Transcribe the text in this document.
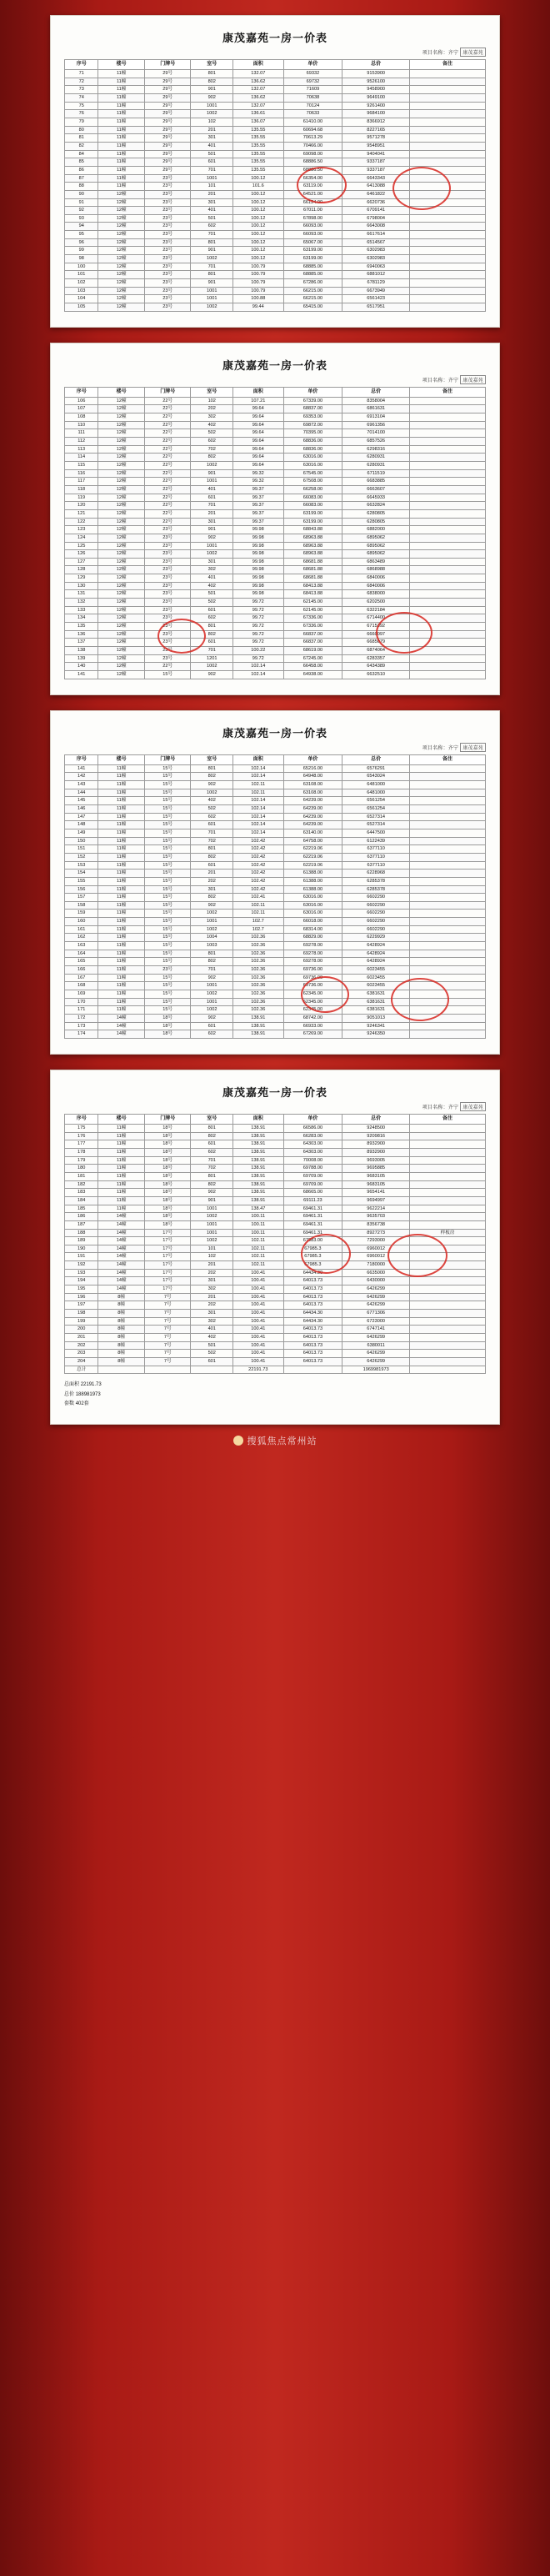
康茂嘉苑一房一价表
项目名称：齐宁 康茂嘉苑
序号	楼号	门牌号	室号	面积	单价	总价	备注
71	11幢	29号	801	132.07	69332	9153900	
72	11幢	29号	802	136.62	69732	9526100	
73	11幢	29号	901	132.07	71609	9458900	
74	11幢	29号	902	136.62	70638	9649100	
75	11幢	29号	1001	132.07	70124	9261400	
76	11幢	29号	1002	136.61	70633	9684100	
79	11幢	29号	102	136.07	61410.00	8366912	
80	11幢	29号	201	135.55	60694.68	8227165	
81	11幢	29号	301	135.55	70613.29	9571278	
82	11幢	29号	401	135.55	70466.00	9548951	
84	11幢	29号	501	135.55	69098.00	9404041	
85	11幢	29号	601	135.55	68886.50	9337187	
86	11幢	29号	701	135.55	68886.50	9337187	
87	11幢	23号	1001	100.12	66354.00	6643343	
88	11幢	23号	101	101.6	63119.00	6413088	
90	12幢	23号	201	100.12	64521.00	6461822	
91	12幢	23号	301	100.12	66124.00	6620736	
92	12幢	23号	401	100.12	67011.00	6709141	
93	12幢	23号	501	100.12	67898.00	6798004	
94	12幢	23号	602	100.12	66093.00	6643008	
95	12幢	23号	701	100.12	66093.00	6617614	
96	12幢	23号	801	100.12	65067.00	6514567	
99	12幢	23号	901	100.12	63199.00	6302983	
98	12幢	23号	1002	100.12	63199.00	6302983	
100	12幢	23号	701	100.79	68885.00	6940063	
101	12幢	23号	801	100.79	68885.00	6881012	
102	12幢	23号	901	100.79	67286.00	6781129	
103	12幢	23号	1001	100.79	66215.00	6673949	
104	12幢	23号	1001	100.88	66215.00	6561423	
105	12幢	23号	1002	99.44	65415.00	6517951	
康茂嘉苑一房一价表
项目名称：齐宁 康茂嘉苑
序号	楼号	门牌号	室号	面积	单价	总价	备注
106	12幢	22号	102	107.21	67339.00	8358004	
107	12幢	22号	202	99.64	68837.00	6861631	
108	12幢	22号	302	99.64	69353.00	6913104	
110	12幢	22号	402	99.64	69872.00	6961356	
111	12幢	22号	502	99.64	70395.00	7014100	
112	12幢	22号	602	99.64	68836.00	6857526	
113	12幢	22号	702	99.64	68836.00	6298316	
114	12幢	22号	802	99.64	63016.00	6280931	
115	12幢	22号	1002	99.64	63016.00	6280931	
116	12幢	22号	901	99.32	67545.00	6711519	
117	12幢	22号	1001	99.32	67508.00	6683885	
118	12幢	22号	401	99.37	66258.00	6663607	
119	12幢	22号	601	99.37	66083.00	6645933	
120	12幢	22号	701	99.37	66083.00	6632824	
121	12幢	22号	201	99.37	63199.00	6280805	
122	12幢	22号	301	99.37	63199.00	6280805	
123	12幢	23号	901	99.98	68843.88	6882000	
124	12幢	23号	902	99.98	68963.88	6895062	
125	12幢	23号	1001	99.98	68963.88	6895062	
126	12幢	23号	1002	99.98	68963.88	6895062	
127	12幢	23号	301	99.98	68681.88	6863489	
128	12幢	23号	302	99.98	68681.88	6868988	
129	12幢	23号	401	99.98	68681.88	6840006	
130	12幢	23号	402	99.98	68413.88	6840006	
131	12幢	23号	501	99.98	68413.88	6838000	
132	12幢	23号	502	99.72	62145.00	6202500	
133	12幢	23号	601	99.72	62145.00	6322184	
134	12幢	23号	602	99.72	67336.00	6714400	
135	12幢	23号	801	99.72	67336.00	6715392	
136	12幢	23号	802	99.72	66837.00	6660097	
137	12幢	23号	601	99.72	66837.00	6685079	
138	12幢	23号	701	100.22	68619.00	6874064	
139	12幢	23号	1201	99.72	67245.00	6283357	
140	12幢	22号	1002	102.14	66458.00	6434389	
141	12幢	15号	902	102.14	64938.00	6632510	
康茂嘉苑一房一价表
项目名称：齐宁 康茂嘉苑
序号	楼号	门牌号	室号	面积	单价	总价	备注
141	11幢	15号	801	102.14	65216.00	6576291	
142	11幢	15号	802	102.14	64948.00	6543024	
143	11幢	15号	902	102.11	63108.00	6481000	
144	11幢	15号	1002	102.11	63108.00	6481000	
145	11幢	15号	402	102.14	64239.00	6561254	
146	11幢	15号	502	102.14	64239.00	6561254	
147	11幢	15号	602	102.14	64239.00	6527314	
148	11幢	15号	601	102.14	64239.00	6527314	
149	11幢	15号	701	102.14	63140.00	6447500	
150	11幢	15号	702	102.42	64758.00	6122439	
151	11幢	15号	801	102.42	62219.06	6377110	
152	11幢	15号	802	102.42	62219.06	6377110	
153	11幢	15号	601	102.42	62219.06	6377110	
154	11幢	15号	201	102.42	61388.00	6228968	
155	11幢	15号	202	102.42	61388.00	6285378	
156	11幢	15号	301	102.42	61388.00	6285378	
157	11幢	15号	802	102.41	63016.00	6602290	
158	11幢	15号	902	102.11	63016.00	6602290	
159	11幢	15号	1002	102.11	63016.00	6602290	
160	11幢	15号	1001	102.7	66018.00	6602290	
161	11幢	15号	1002	102.7	68314.00	6602290	
162	11幢	15号	1004	102.36	68829.00	6229929	
163	11幢	15号	1003	102.36	69278.00	6428924	
164	11幢	15号	801	102.36	69278.00	6428924	
165	11幢	15号	802	102.36	69278.00	6428924	
166	11幢	23号	701	102.36	69736.00	6023455	
167	11幢	15号	902	102.36	69736.00	6023455	
168	11幢	15号	1001	102.36	69736.00	6023455	
169	11幢	15号	1002	102.36	62345.00	6381631	
170	11幢	15号	1001	102.36	62345.00	6381631	
171	11幢	15号	1002	102.36	62345.00	6381631	
172	14幢	18号	902	138.91	68742.00	9051013	
173	14幢	18号	601	138.91	66933.00	9246341	
174	14幢	18号	602	138.91	67269.00	9246350	
康茂嘉苑一房一价表
项目名称：齐宁 康茂嘉苑
序号	楼号	门牌号	室号	面积	单价	总价	备注
175	11幢	18号	801	138.91	66586.00	9248500	
176	11幢	18号	802	138.91	66283.00	9209816	
177	11幢	18号	601	138.91	64303.00	8932900	
178	11幢	18号	602	138.91	64303.00	8932900	
179	11幢	18号	701	138.91	70008.00	9693005	
180	11幢	18号	702	138.91	69788.00	9695885	
181	11幢	18号	801	138.91	69709.00	9683105	
182	11幢	18号	802	138.91	69709.00	9683105	
183	11幢	18号	902	138.91	68665.00	9654141	
184	11幢	18号	901	138.91	69111.23	9694997	
185	11幢	18号	1001	138.47	69461.31	9622214	
186	14幢	18号	1002	100.11	69461.31	9635703	
187	14幢	18号	1001	100.11	69461.31	8356738	
188	14幢	17号	1001	100.11	69461.31	8927273	样板房
189	14幢	17号	1002	102.11	67983.00	7293000	
190	14幢	17号	101	102.11	67985.3	6960012	
191	14幢	17号	102	102.11	67985.3	6960012	
192	14幢	17号	201	102.11	67985.3	7180000	
193	14幢	17号	202	100.41	64434.30	6635000	
194	14幢	17号	301	100.41	64013.73	6430000	
195	14幢	17号	302	100.41	64013.73	6426299	
196	8幢	7号	201	100.41	64013.73	6426299	
197	8幢	7号	202	100.41	64013.73	6426299	
198	8幢	7号	301	100.41	64434.30	6771306	
199	8幢	7号	302	100.41	64434.30	6723000	
200	8幢	7号	401	100.41	64013.73	6747141	
201	8幢	7号	402	100.41	64013.73	6426299	
202	8幢	7号	501	100.41	64013.73	6380011	
203	8幢	7号	502	100.41	64013.73	6426299	
204	8幢	7号	601	100.41	64013.73	6426299	
总计				22191.73		1969981973	
总面积 22191.73
总价 188981973
套数 402套
搜狐焦点常州站
